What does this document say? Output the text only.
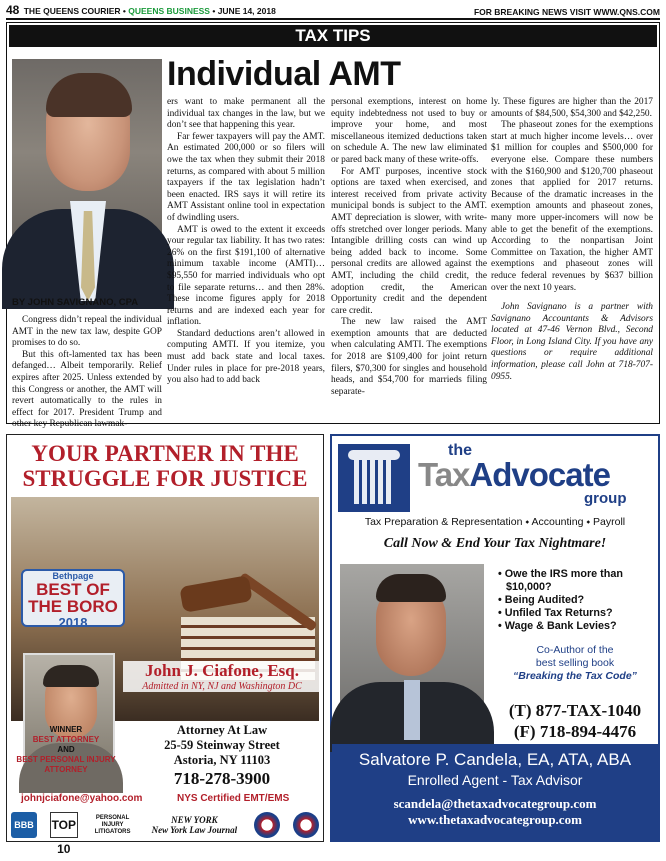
48 THE QUEENS COURIER • QUEENS BUSINESS • JUNE 14, 2018	FOR BREAKING NEWS VISIT WWW.QNS.COM
TAX TIPS
BY JOHN SAVIGNANO, CPA
Individual AMT

Congress didn’t repeal the individual AMT in the new tax law, despite GOP promises to do so.

But this oft-lamented tax has been defanged… Albeit temporarily. Relief expires after 2025. Unless extended by this Congress or another, the AMT will revert automatically to the rules in effect for 2017. President Trump and other key Republican lawmak-

ers want to make permanent all the individual tax changes in the law, but we don’t see that happening this year.

Far fewer taxpayers will pay the AMT. An estimated 200,000 or so filers will owe the tax when they submit their 2018 returns, as compared with about 5 million taxpayers if the tax legislation hadn’t been enacted. IRS says it will retire its AMT Assistant online tool in expectation of dwindling users.

AMT is owed to the extent it exceeds your regular tax liability. It has two rates: 26% on the first $191,100 of alternative minimum taxable income (AMTI)… $95,550 for married individuals who opt to file separate returns… and then 28%. These income figures apply for 2018 returns and are indexed each year for inflation.

Standard deductions aren’t allowed in computing AMTI. If you itemize, you must add back state and local taxes. Under rules in place for pre-2018 years, you also had to add back

personal exemptions, interest on home equity indebtedness not used to buy or improve your home, and most miscellaneous itemized deductions taken on schedule A. The new law eliminated or pared back many of these write-offs.

For AMT purposes, incentive stock options are taxed when exercised, and interest received from private activity municipal bonds is subject to the AMT. AMT depreciation is slower, with write-offs stretched over longer periods. Many Intangible drilling costs can wind up being added back to income. Some personal credits are allowed against the AMT, including the child credit, the adoption credit, the American Opportunity credit and the dependent care credit.

The new law raised the AMT exemption amounts that are deducted when calculating AMTI. The exemptions for 2018 are $109,400 for joint return filers, $70,300 for singles and household heads, and $54,700 for marrieds filing separate-

ly. These figures are higher than the 2017 amounts of $84,500, $54,300 and $42,250.

The phaseout zones for the exemptions start at much higher income levels… over $1 million for couples and $500,000 for everyone else. Compare these numbers with the $160,900 and $120,700 phaseout zones that applied for 2017 returns. Because of the dramatic increases in the exemption amounts and phaseout zones, many more upper-incomers will now be able to get the benefit of the exemptions. According to the nonpartisan Joint Committee on Taxation, the higher AMT exemptions and phaseout zones will reduce federal revenues by $637 billion over the next 10 years.

John Savignano is a partner with Savignano Accountants & Advisors located at 47-46 Vernon Blvd., Second Floor, in Long Island City. If you have any questions or require additional information, please call John at 718-707-0955.

YOUR PARTNER IN THE
STRUGGLE FOR JUSTICE
Bethpage
BEST OF THE BORO
2018
John J. Ciafone, Esq.
Admitted in NY, NJ and Washington DC
WINNER
BEST ATTORNEY
AND
BEST PERSONAL INJURY ATTORNEY
Attorney At Law
25-59 Steinway Street
Astoria, NY 11103
718-278-3900
johnjciafone@yahoo.com	NYS Certified EMT/EMS
BBB TOP 10
PERSONAL INJURY LITIGATORS
NEW YORK
New York Law Journal
the
TaxAdvocate
group
Tax Preparation & Representation ⬩ Accounting ⬩ Payroll
Call Now & End Your Tax Nightmare!
• Owe the IRS more than $10,000?
• Being Audited?
• Unfiled Tax Returns?
• Wage & Bank Levies?
Co-Author of the
best selling book
“Breaking the Tax Code”
(T) 877-TAX-1040
(F) 718-894-4476
Salvatore P. Candela, EA, ATA, ABA
Enrolled Agent - Tax Advisor
scandela@thetaxadvocategroup.com
www.thetaxadvocategroup.com
